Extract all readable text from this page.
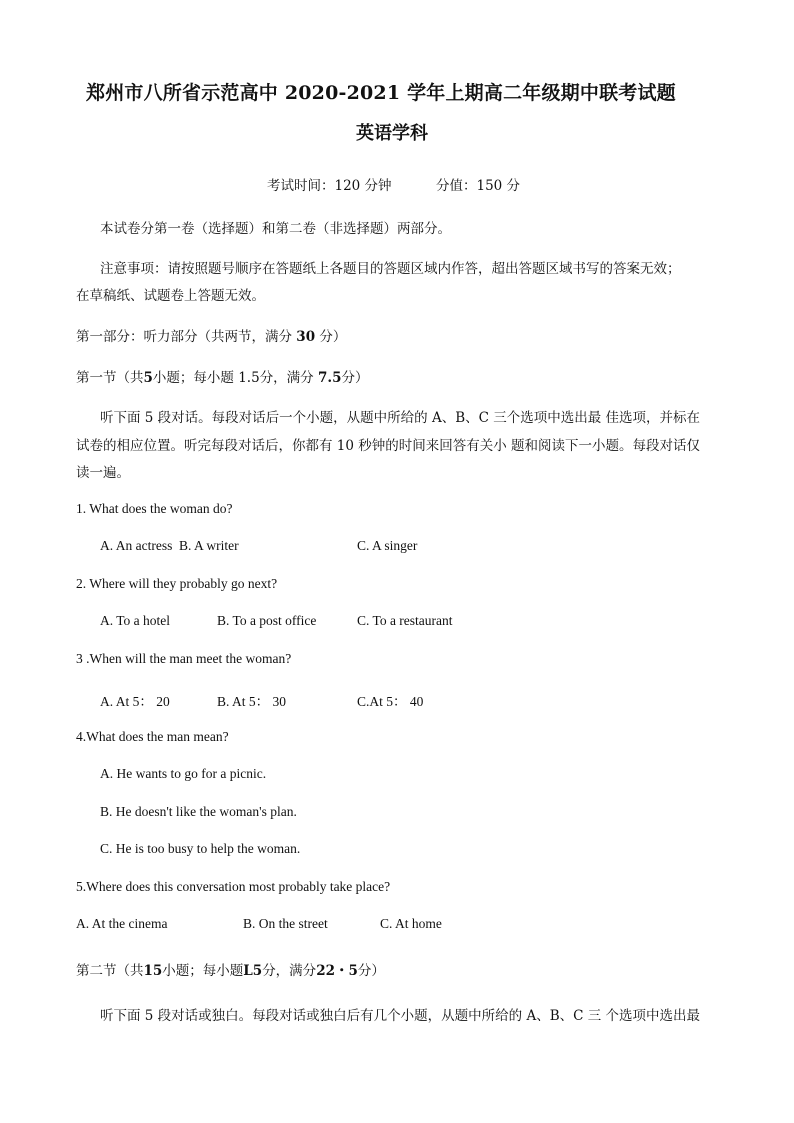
郑州市八所省示范高中 2020-2021 学年上期高二年级期中联考试题
英语学科
考试时间：120 分钟	分值：150 分
本试卷分第一卷（选择题）和第二卷（非选择题）两部分。
注意事项：请按照题号顺序在答题纸上各题目的答题区域内作答，超出答题区域书写的答案无效；
在草稿纸、试题卷上答题无效。
第一部分：听力部分（共两节，满分 30 分）
第一节（共5小题；每小题 1.5分，满分 7.5分）
听下面 5 段对话。每段对话后一个小题，从题中所给的 A、B、C 三个选项中选出最 佳选项，并标在
试卷的相应位置。听完每段对话后，你都有 10 秒钟的时间来回答有关小 题和阅读下一小题。每段对话仅
读一遍。
1. What does the woman do?
A. An actress B. A writer	C. A singer
2. Where will they probably go next?
A. To a hotel	B. To a post office	C. To a restaurant
3 .When will the man meet the woman?
A. At 5： 20	B. At 5： 30	C.At 5： 40
4.What does the man mean?
A. He wants to go for a picnic.
B. He doesn't like the woman's plan.
C. He is too busy to help the woman.
5.Where does this conversation most probably take place?
A. At the cinema	B. On the street	C. At home
第二节（共15小题；每小题L5分，满分22・5分）
听下面 5 段对话或独白。每段对话或独白后有几个小题，从题中所给的 A、B、C 三 个选项中选出最
